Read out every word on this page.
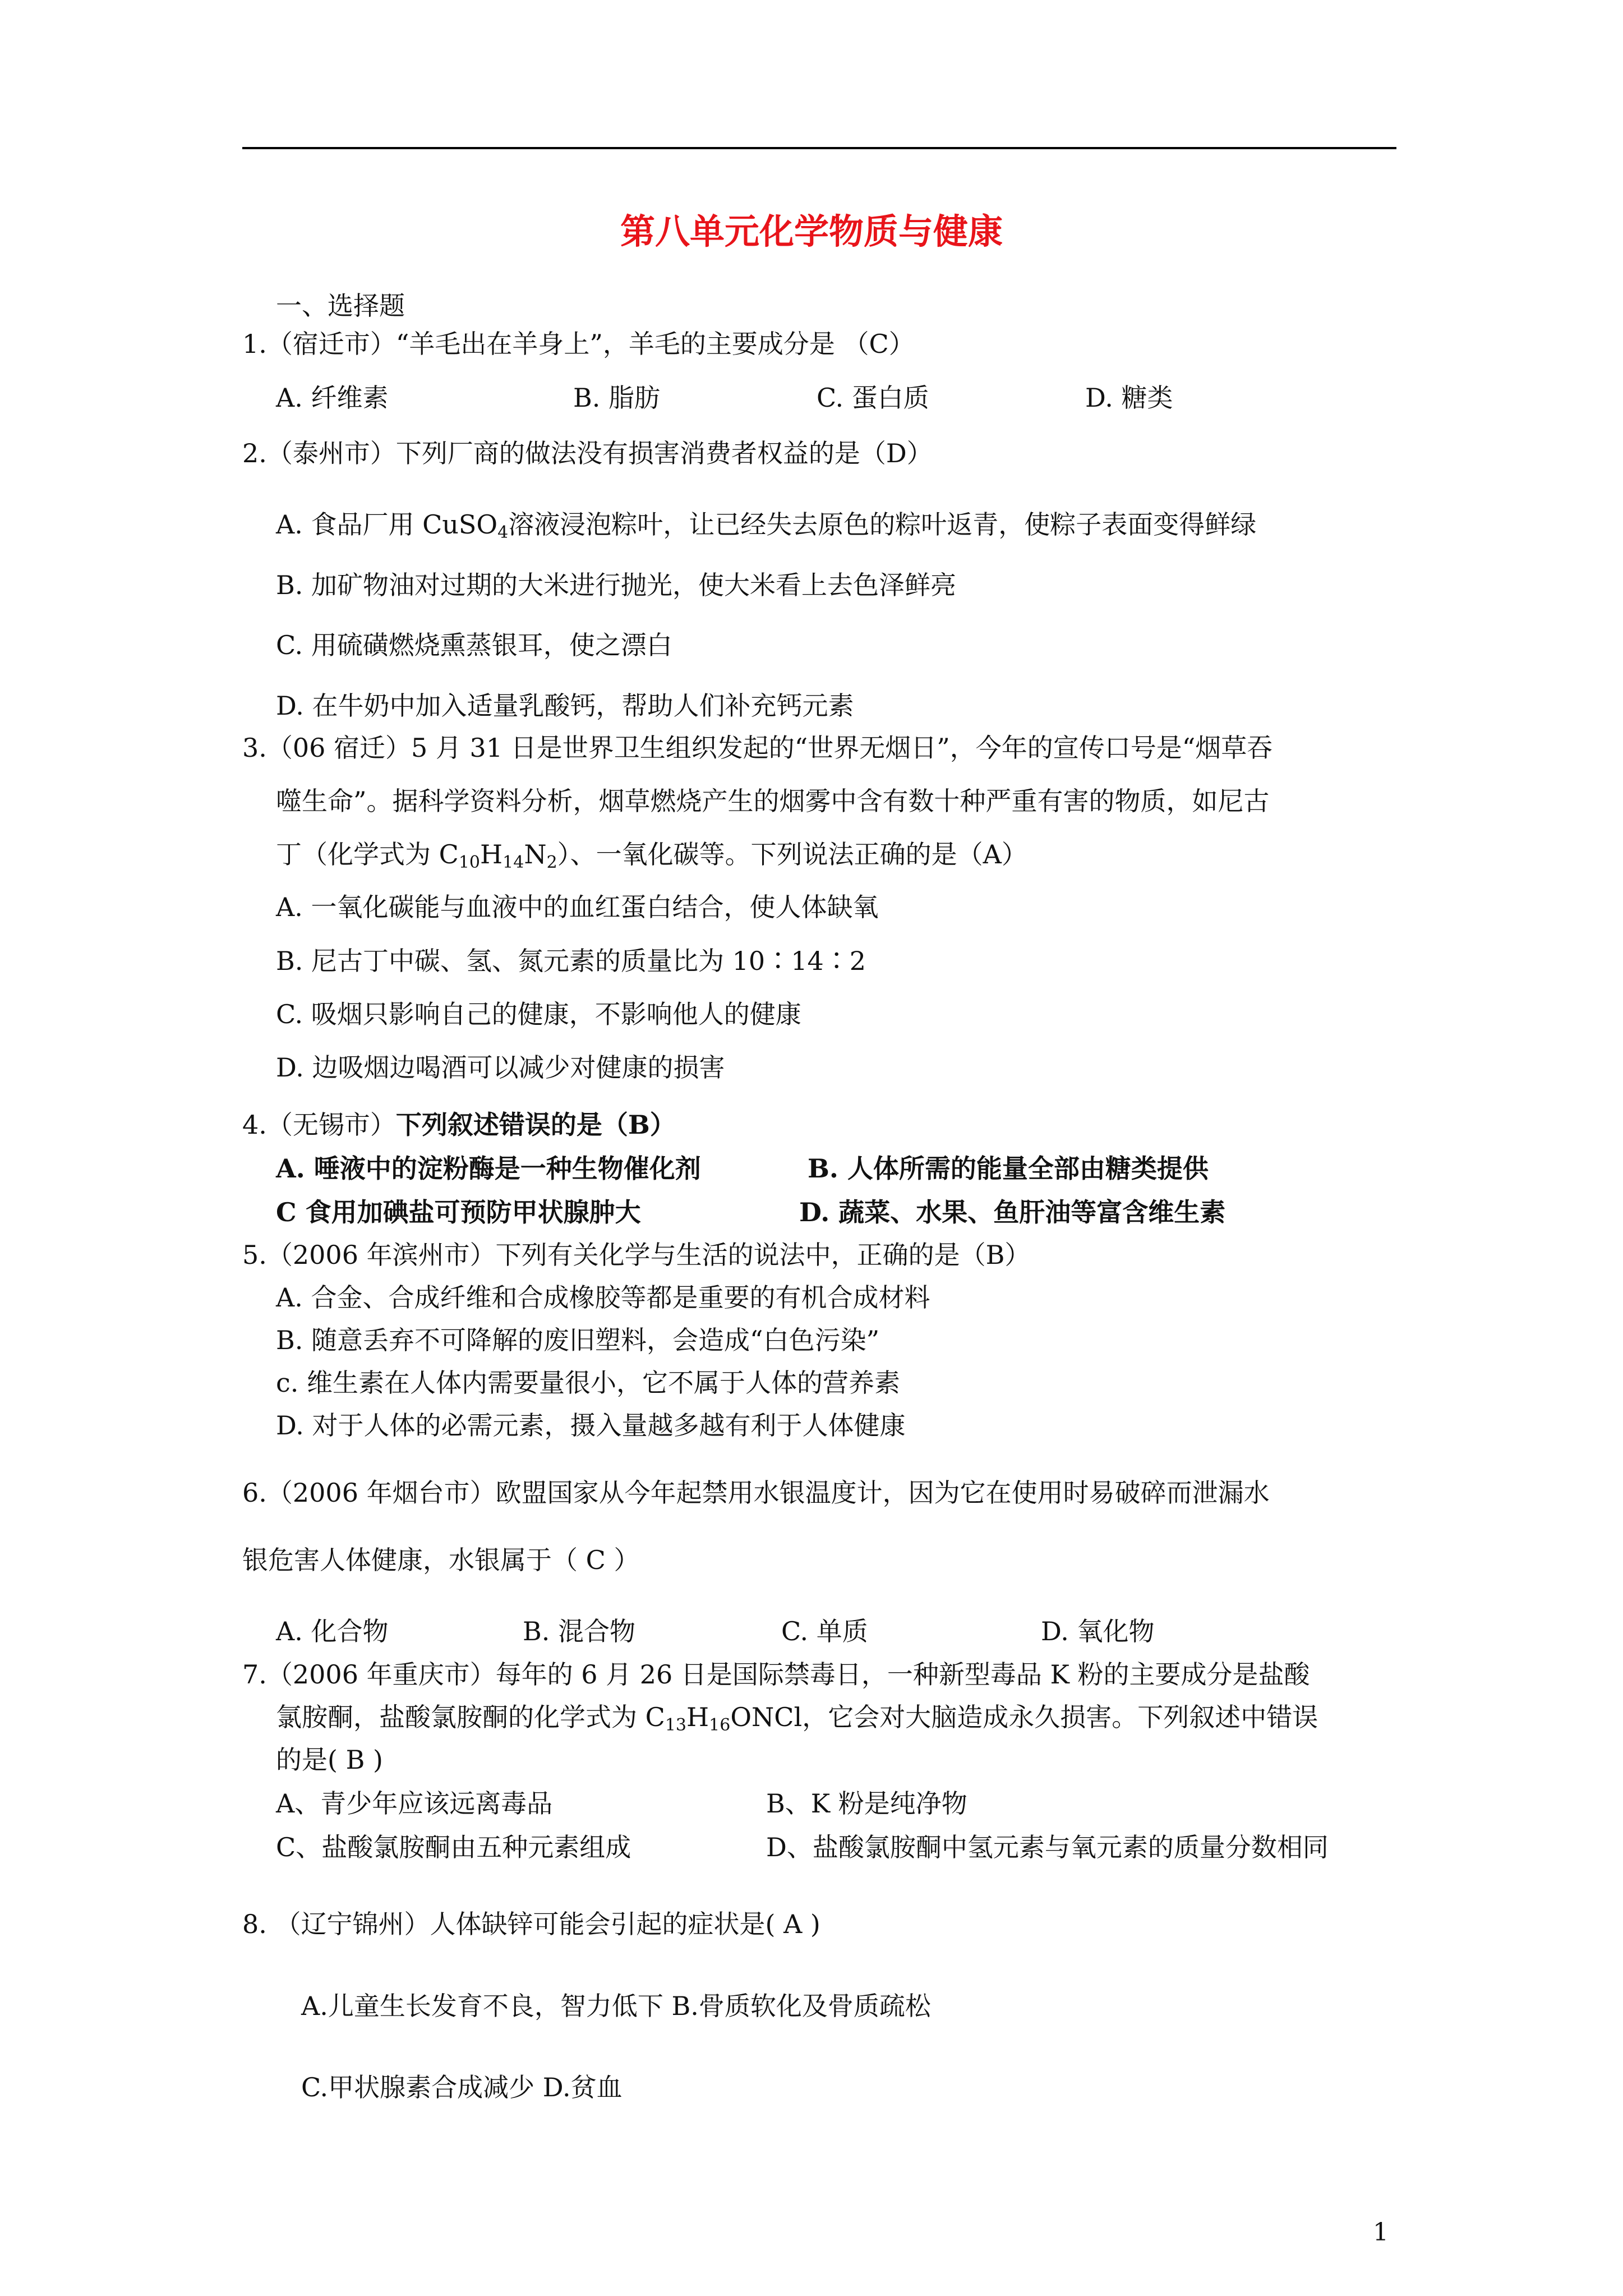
第八单元化学物质与健康
一、选择题
1.（宿迁市）“羊毛出在羊身上”，羊毛的主要成分是 （C）
A. 纤维素	B. 脂肪	C. 蛋白质	D. 糖类
2.（泰州市）下列厂商的做法没有损害消费者权益的是（D）
A. 食品厂用 CuSO$_4$溶液浸泡粽叶，让已经失去原色的粽叶返青，使粽子表面变得鲜绿
B. 加矿物油对过期的大米进行抛光，使大米看上去色泽鲜亮
C. 用硫磺燃烧熏蒸银耳，使之漂白
D. 在牛奶中加入适量乳酸钙，帮助人们补充钙元素
3.（06 宿迁）5 月 31 日是世界卫生组织发起的“世界无烟日”，今年的宣传口号是“烟草吞
噬生命”。据科学资料分析，烟草燃烧产生的烟雾中含有数十种严重有害的物质，如尼古
丁（化学式为 $C_{10}H_{14}N_2$）、一氧化碳等。下列说法正确的是（A）
A. 一氧化碳能与血液中的血红蛋白结合，使人体缺氧
B. 尼古丁中碳、氢、氮元素的质量比为 10∶14∶2
C. 吸烟只影响自己的健康，不影响他人的健康
D. 边吸烟边喝酒可以减少对健康的损害
4.（无锡市）下列叙述错误的是（B）
A. 唾液中的淀粉酶是一种生物催化剂	B. 人体所需的能量全部由糖类提供
C 食用加碘盐可预防甲状腺肿大	D. 蔬菜、水果、鱼肝油等富含维生素
5.（2006 年滨州市）下列有关化学与生活的说法中，正确的是（B）
A. 合金、合成纤维和合成橡胶等都是重要的有机合成材料
B. 随意丢弃不可降解的废旧塑料，会造成“白色污染”
c. 维生素在人体内需要量很小，它不属于人体的营养素
D. 对于人体的必需元素，摄入量越多越有利于人体健康
6.（2006 年烟台市）欧盟国家从今年起禁用水银温度计，因为它在使用时易破碎而泄漏水
银危害人体健康，水银属于（ C ）
A. 化合物	B. 混合物	C. 单质	D. 氧化物
7.（2006 年重庆市）每年的 6 月 26 日是国际禁毒日，一种新型毒品 K 粉的主要成分是盐酸
氯胺酮，盐酸氯胺酮的化学式为 $C_{13}H_{16}ONCl$，它会对大脑造成永久损害。下列叙述中错误
的是( B )
A、青少年应该远离毒品	B、K 粉是纯净物
C、盐酸氯胺酮由五种元素组成	D、盐酸氯胺酮中氢元素与氧元素的质量分数相同
8. （辽宁锦州）人体缺锌可能会引起的症状是( A )
A.儿童生长发育不良，智力低下 B.骨质软化及骨质疏松
C.甲状腺素合成减少 D.贫血
1
